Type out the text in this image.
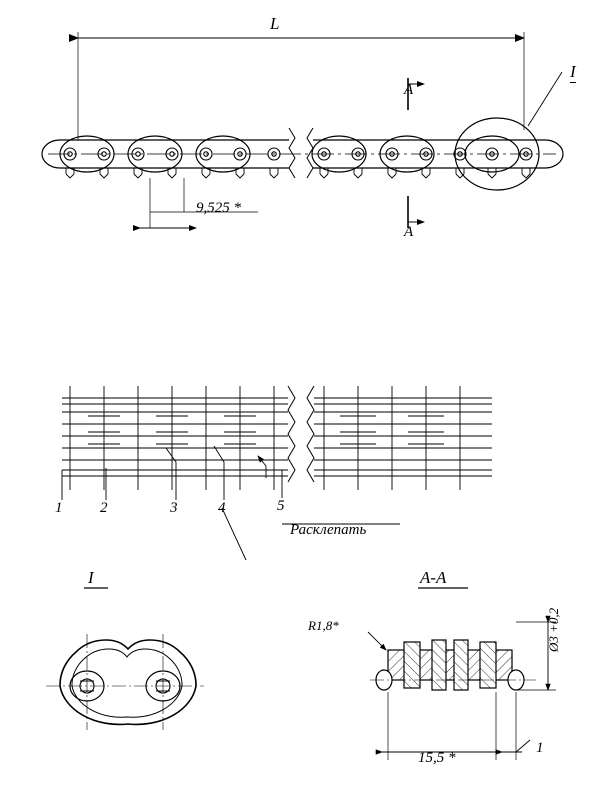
L
I
A
A
9,525 *
1	2	3	4	5
Расклепать
I	A-A
R1,8*	Ø3 +0,2
15,5 *
1
